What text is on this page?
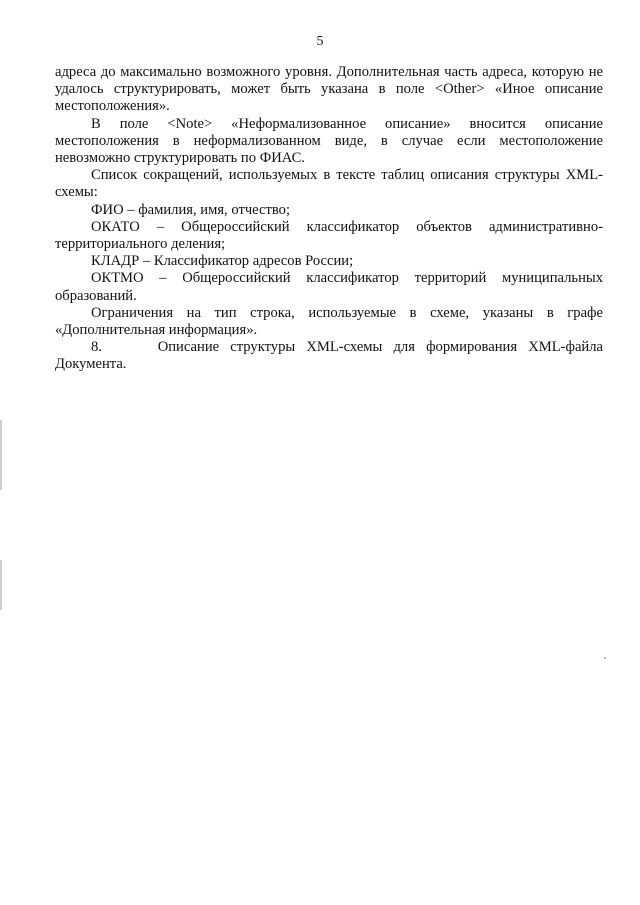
5

адреса до максимально возможного уровня. Дополнительная часть адреса, которую не удалось структурировать, может быть указана в поле <Other> «Иное описание местоположения».

В поле <Note> «Неформализованное описание» вносится описание местоположения в неформализованном виде, в случае если местоположение невозможно структурировать по ФИАС.

Список сокращений, используемых в тексте таблиц описания структуры XML-схемы:

ФИО – фамилия, имя, отчество;

ОКАТО – Общероссийский классификатор объектов административно-территориального деления;

КЛАДР – Классификатор адресов России;

ОКТМО – Общероссийский классификатор территорий муниципальных образований.

Ограничения на тип строка, используемые в схеме, указаны в графе «Дополнительная информация».

8.     Описание структуры XML-схемы для формирования XML-файла Документа.
